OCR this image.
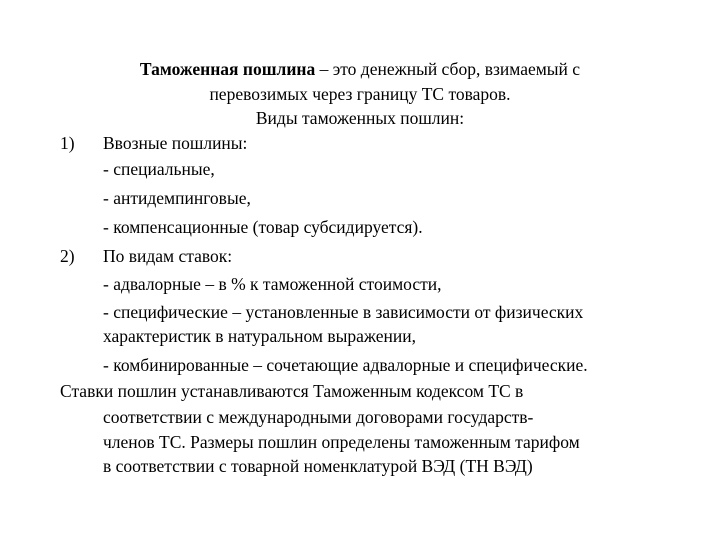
Таможенная пошлина – это денежный сбор, взимаемый с
перевозимых через границу ТС товаров.
Виды таможенных пошлин:
1) Ввозные пошлины:
- специальные,
- антидемпинговые,
- компенсационные (товар субсидируется).
2) По видам ставок:
- адвалорные – в % к таможенной стоимости,
- специфические – установленные в зависимости от физических
характеристик в натуральном выражении,
- комбинированные – сочетающие адвалорные и специфические.
Ставки пошлин устанавливаются Таможенным кодексом ТС в
соответствии с международными договорами государств-
членов ТС. Размеры пошлин определены таможенным тарифом
в соответствии с товарной номенклатурой ВЭД (ТН ВЭД)
